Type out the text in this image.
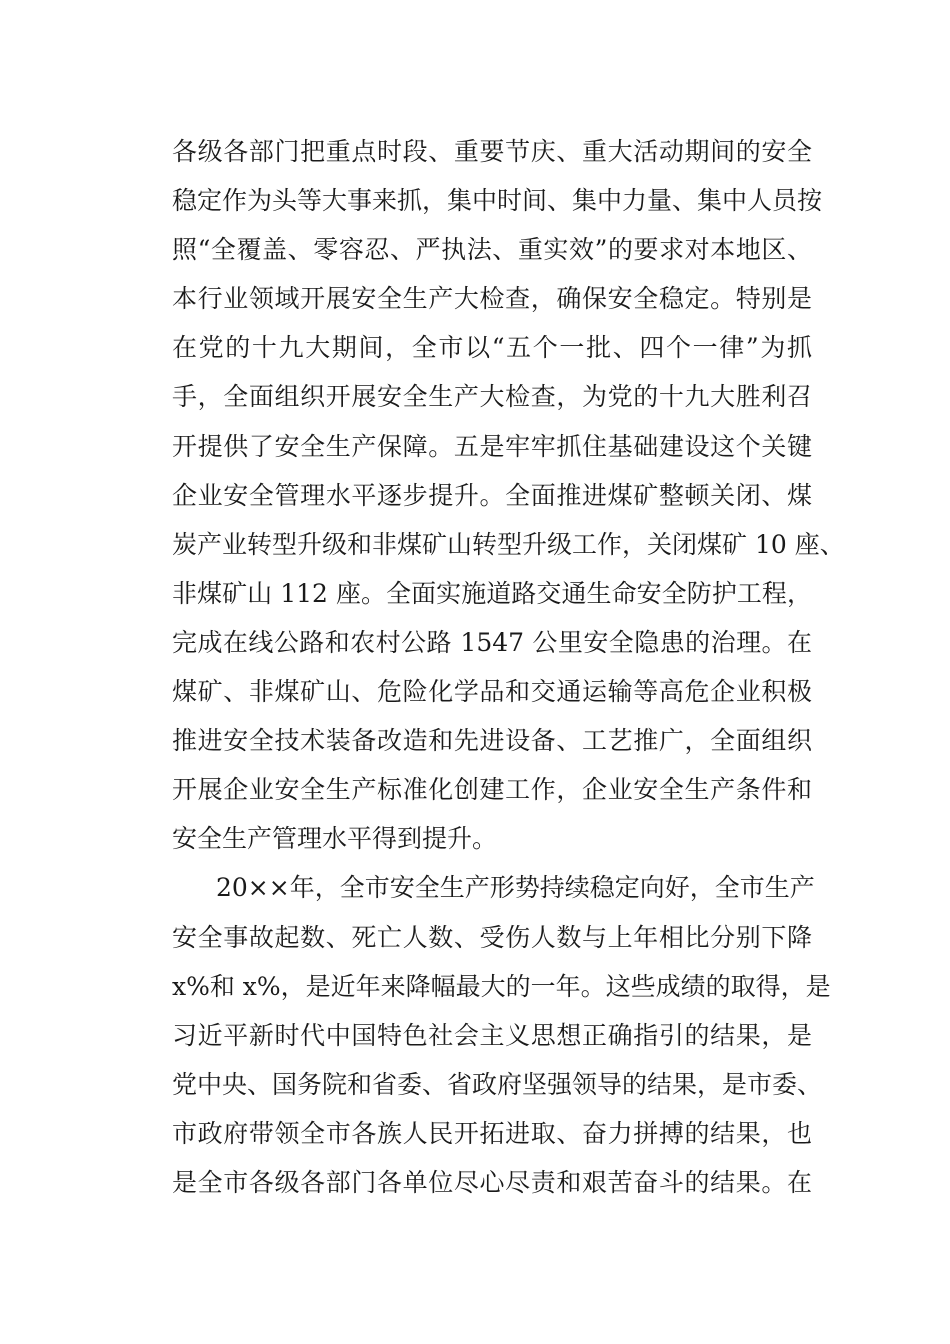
各级各部门把重点时段、重要节庆、重大活动期间的安全
稳定作为头等大事来抓，集中时间、集中力量、集中人员按
照“全覆盖、零容忍、严执法、重实效”的要求对本地区、
本行业领域开展安全生产大检查，确保安全稳定。特别是
在党的十九大期间，全市以“五个一批、四个一律”为抓
手，全面组织开展安全生产大检查，为党的十九大胜利召
开提供了安全生产保障。五是牢牢抓住基础建设这个关键
企业安全管理水平逐步提升。全面推进煤矿整顿关闭、煤
炭产业转型升级和非煤矿山转型升级工作，关闭煤矿 10 座、
非煤矿山 112 座。全面实施道路交通生命安全防护工程，
完成在线公路和农村公路 1547 公里安全隐患的治理。在
煤矿、非煤矿山、危险化学品和交通运输等高危企业积极
推进安全技术装备改造和先进设备、工艺推广，全面组织
开展企业安全生产标准化创建工作，企业安全生产条件和
安全生产管理水平得到提升。
20××年，全市安全生产形势持续稳定向好，全市生产
安全事故起数、死亡人数、受伤人数与上年相比分别下降
x%和 x%，是近年来降幅最大的一年。这些成绩的取得，是
习近平新时代中国特色社会主义思想正确指引的结果，是
党中央、国务院和省委、省政府坚强领导的结果，是市委、
市政府带领全市各族人民开拓进取、奋力拼搏的结果，也
是全市各级各部门各单位尽心尽责和艰苦奋斗的结果。在
